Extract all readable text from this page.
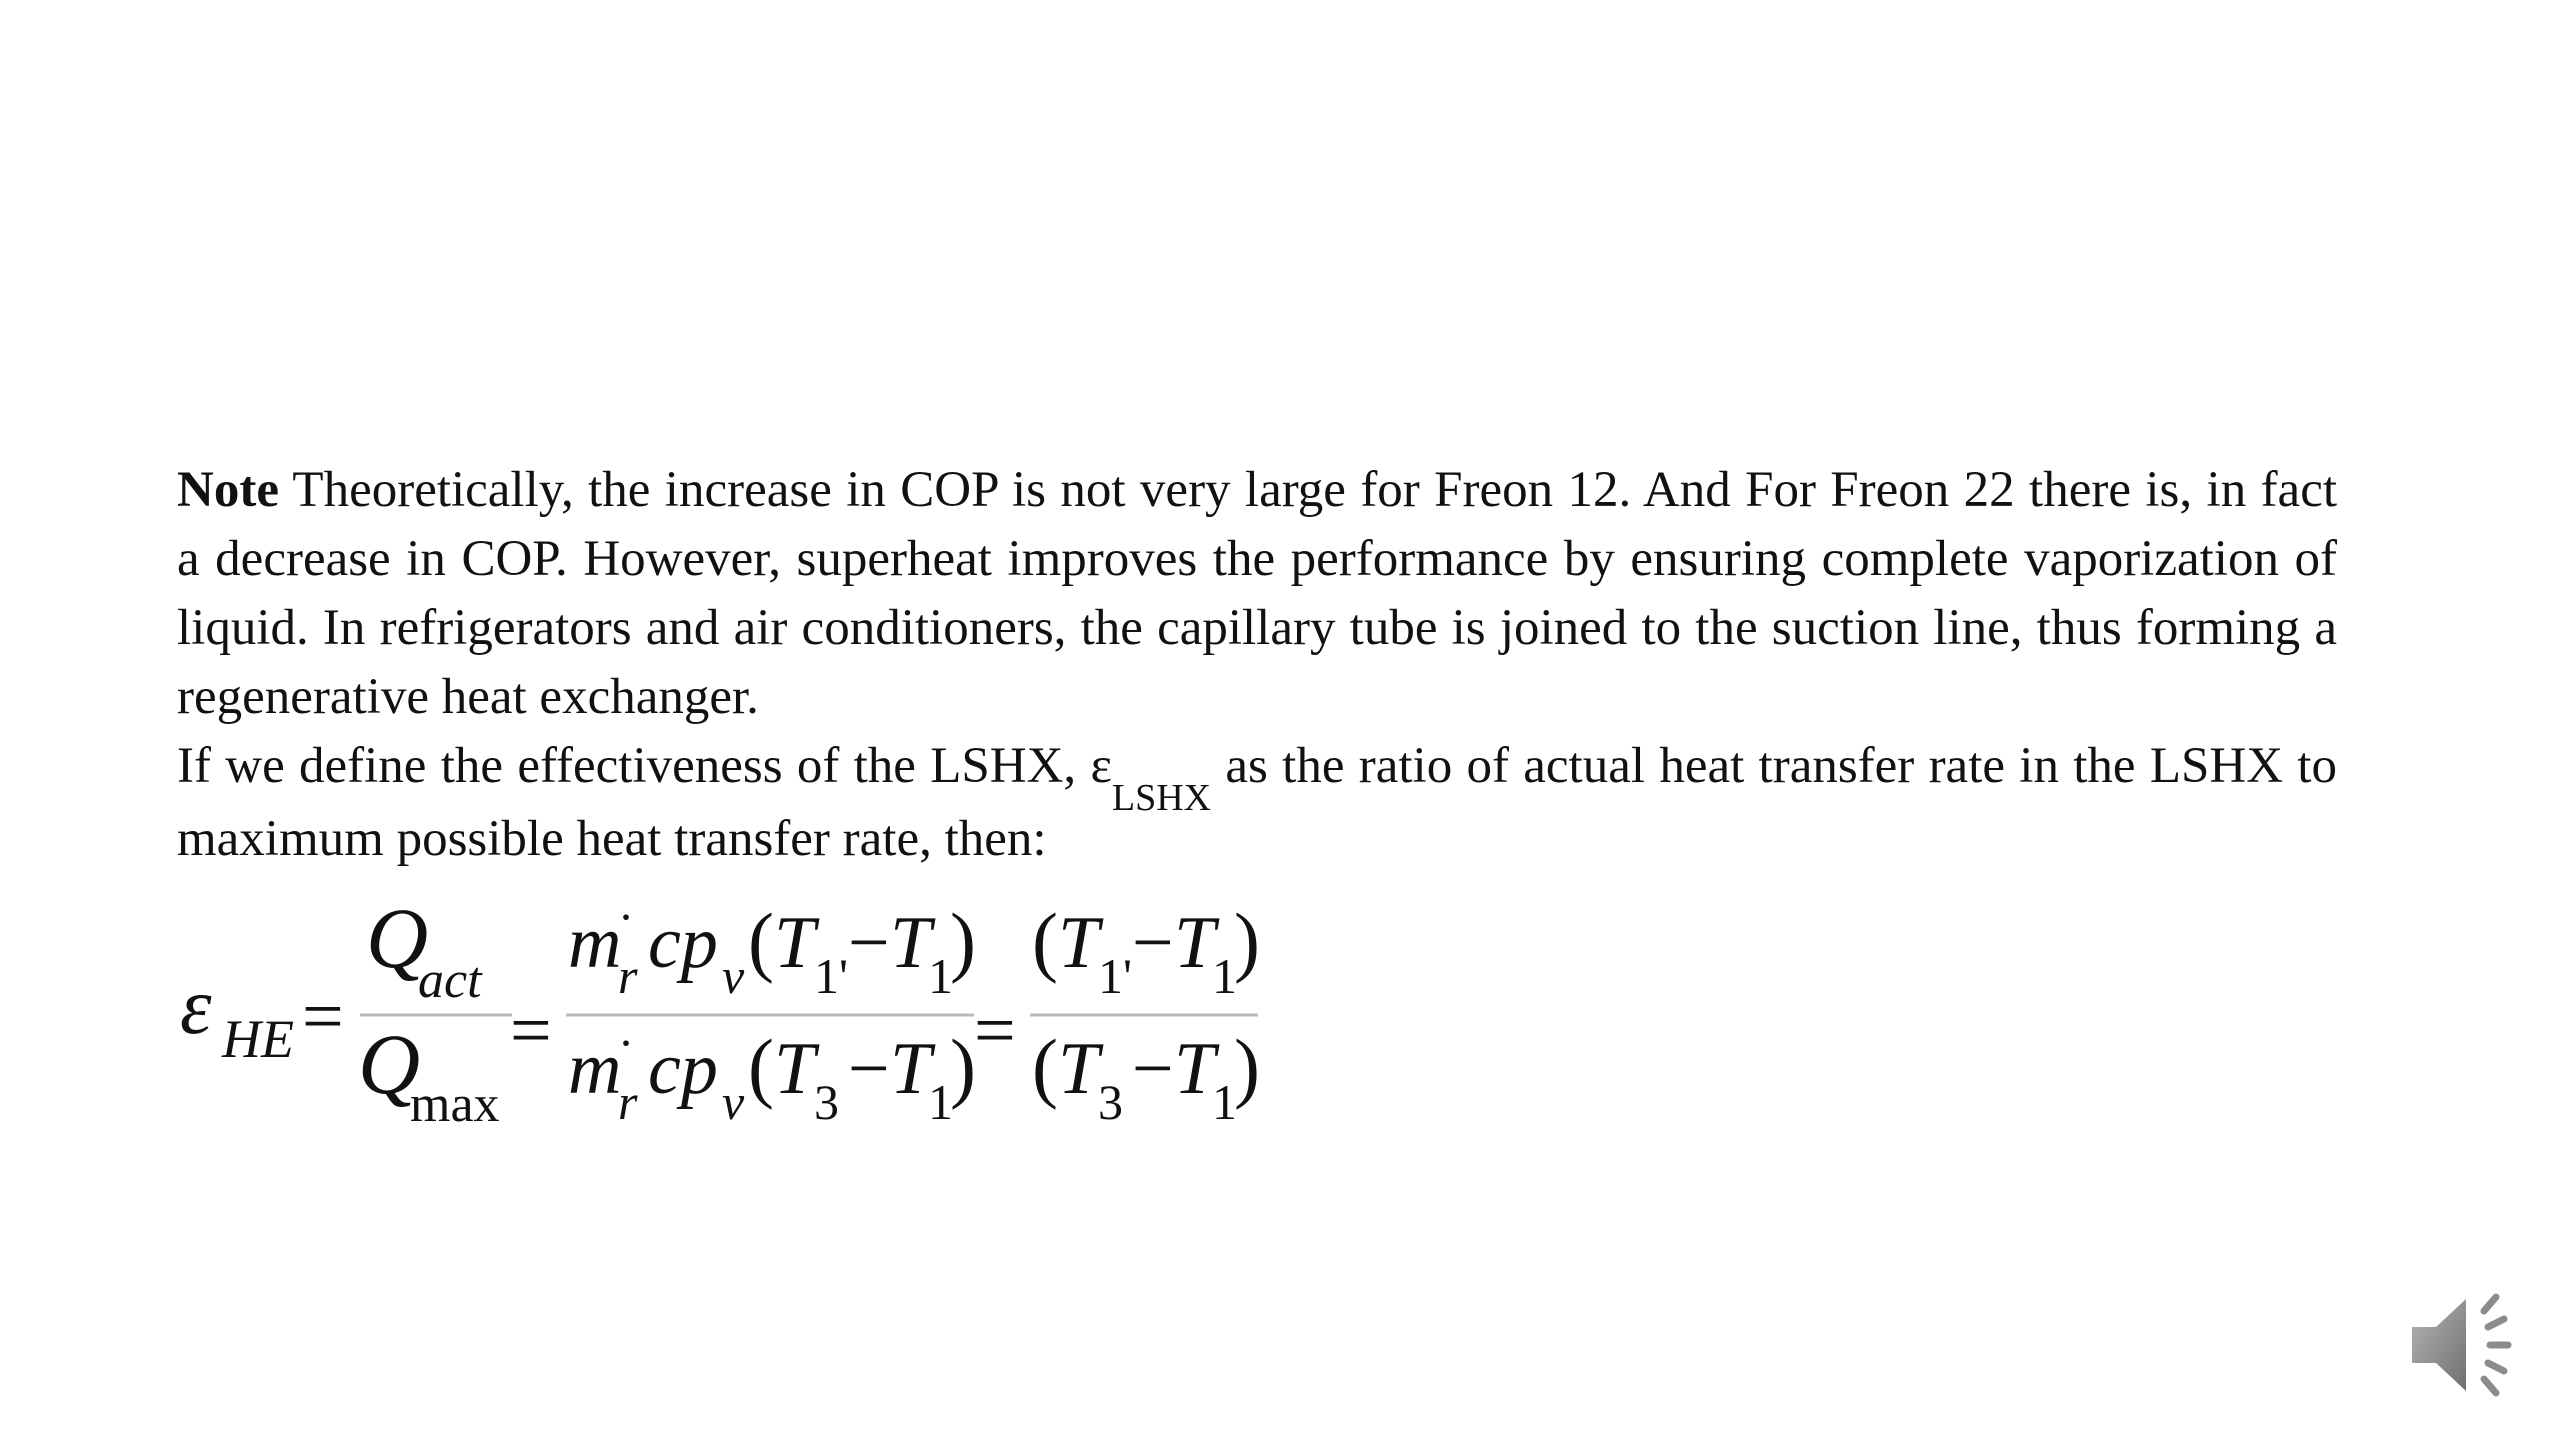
Note Theoretically, the increase in COP is not very large for Freon 12. And For Freon 22 there is, in fact a decrease in COP. However, superheat improves the performance by ensuring complete vaporization of liquid. In refrigerators and air conditioners, the capillary tube is joined to the suction line, thus forming a regenerative heat exchanger.

If we define the effectiveness of the LSHX, $\varepsilon_{LSHX}$ as the ratio of actual heat transfer rate in the LSHX to maximum possible heat transfer rate, then:

ε HE =
Q
act
Q
max
=
m
·
r cp v ( T
1' − T
1
)
m
·
r cp v ( T
3 − T
1
)
=
( T
1' − T
1
)
( T
3 − T
1
)
